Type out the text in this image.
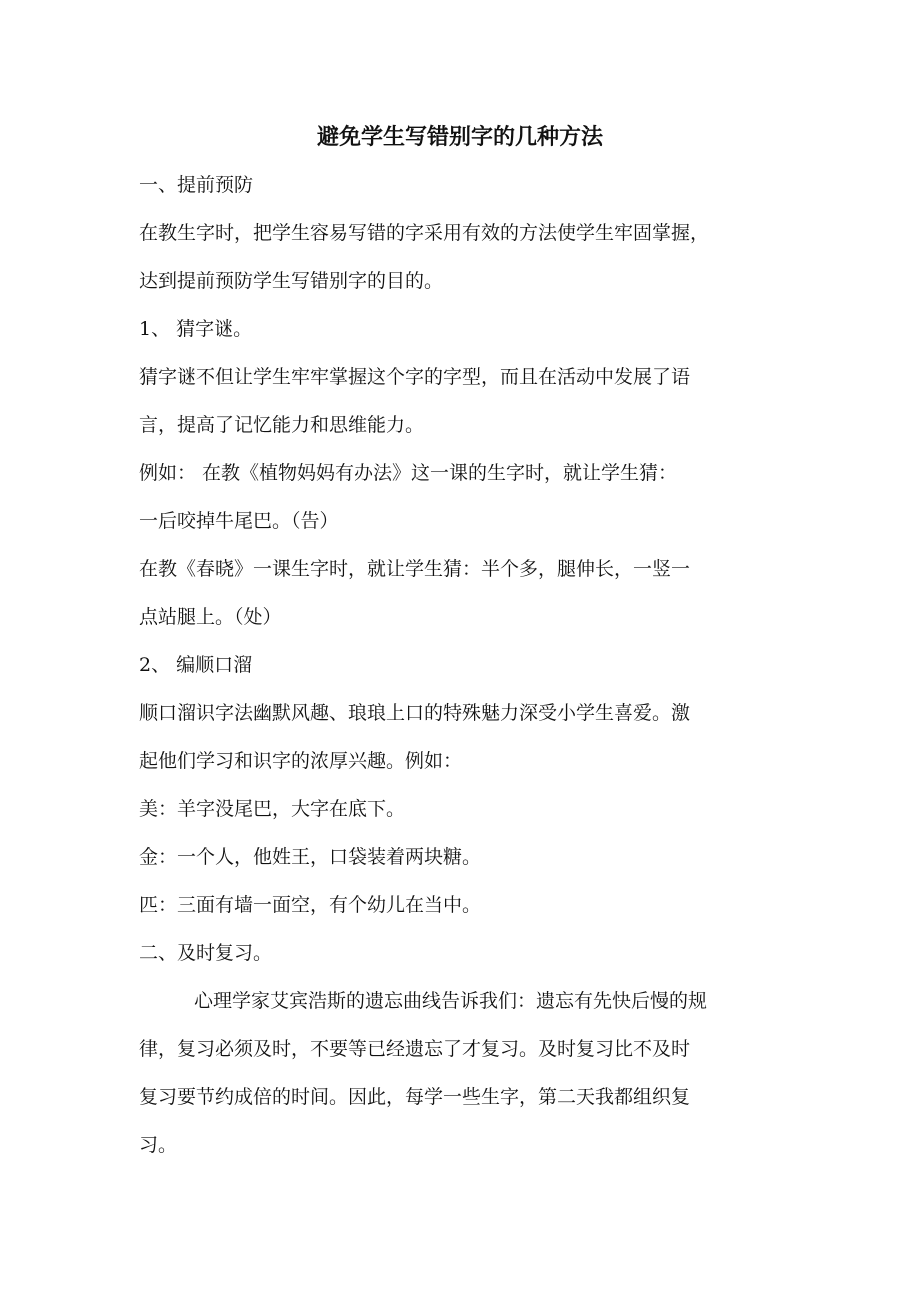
避免学生写错别字的几种方法
一、提前预防
在教生字时，把学生容易写错的字采用有效的方法使学生牢固掌握，
达到提前预防学生写错别字的目的。
1、 猜字谜。
猜字谜不但让学生牢牢掌握这个字的字型，而且在活动中发展了语
言，提高了记忆能力和思维能力。
例如： 在教《植物妈妈有办法》这一课的生字时，就让学生猜：
一后咬掉牛尾巴。（告）
在教《春晓》一课生字时，就让学生猜：半个多，腿伸长，一竖一
点站腿上。（处）
2、 编顺口溜
顺口溜识字法幽默风趣、琅琅上口的特殊魅力深受小学生喜爱。激
起他们学习和识字的浓厚兴趣。例如：
美：羊字没尾巴，大字在底下。
金：一个人，他姓王，口袋装着两块糖。
匹：三面有墙一面空，有个幼儿在当中。
二、及时复习。
心理学家艾宾浩斯的遗忘曲线告诉我们：遗忘有先快后慢的规
律，复习必须及时，不要等已经遗忘了才复习。及时复习比不及时
复习要节约成倍的时间。因此，每学一些生字，第二天我都组织复
习。
